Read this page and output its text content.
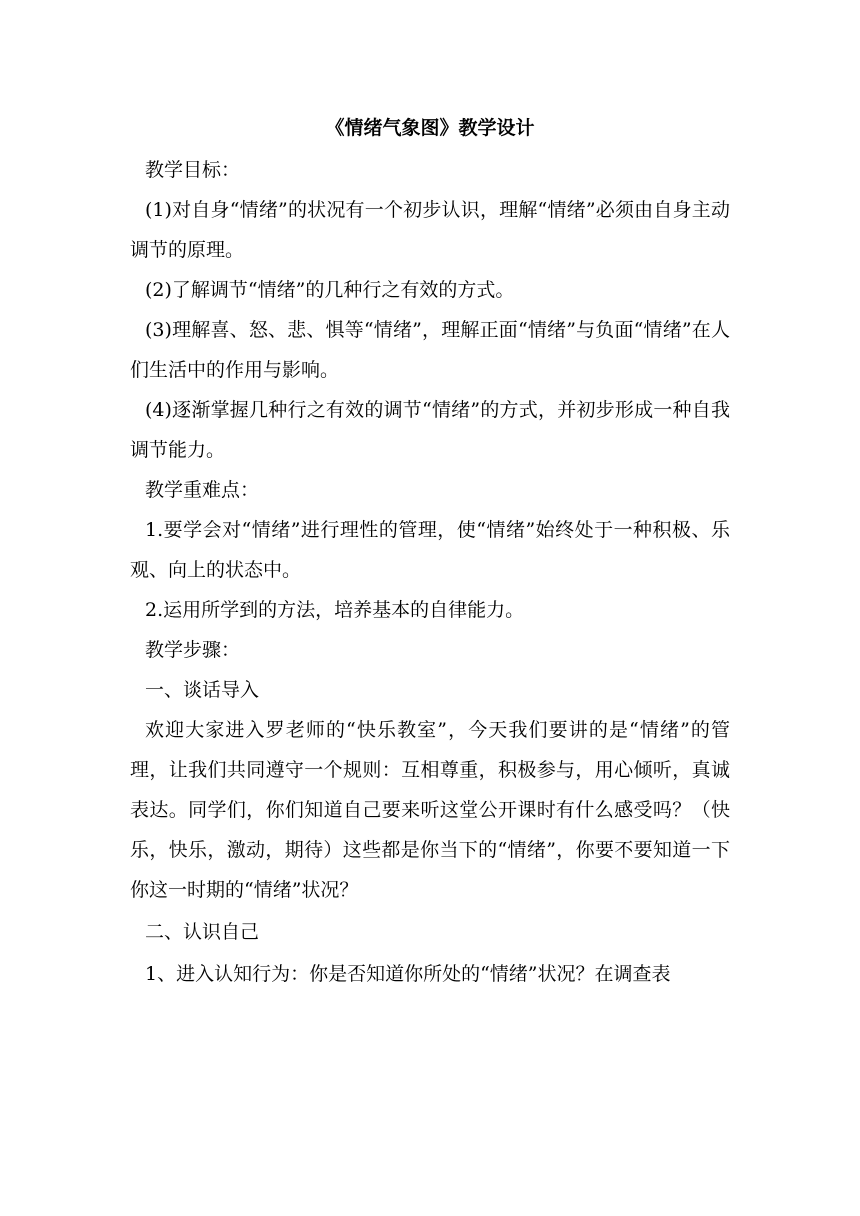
《情绪气象图》教学设计

教学目标：

(1)对自身“情绪”的状况有一个初步认识，理解“情绪”必须由自身主动调节的原理。

(2)了解调节“情绪”的几种行之有效的方式。

(3)理解喜、怒、悲、惧等“情绪”，理解正面“情绪”与负面“情绪”在人们生活中的作用与影响。

(4)逐渐掌握几种行之有效的调节“情绪”的方式，并初步形成一种自我调节能力。

教学重难点：

1.要学会对“情绪”进行理性的管理，使“情绪”始终处于一种积极、乐观、向上的状态中。

2.运用所学到的方法，培养基本的自律能力。

教学步骤：

一、谈话导入

欢迎大家进入罗老师的“快乐教室”，今天我们要讲的是“情绪”的管理，让我们共同遵守一个规则：互相尊重，积极参与，用心倾听，真诚表达。同学们，你们知道自己要来听这堂公开课时有什么感受吗？（快乐，快乐，激动，期待）这些都是你当下的“情绪”，你要不要知道一下你这一时期的“情绪”状况？

二、认识自己

1、进入认知行为：你是否知道你所处的“情绪”状况？在调查表
